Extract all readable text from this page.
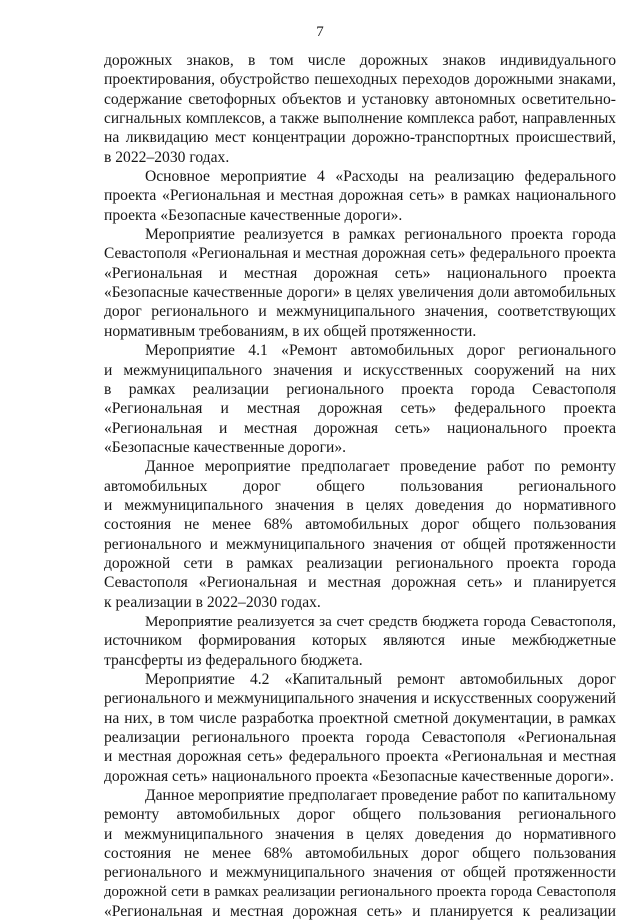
7

дорожных знаков, в том числе дорожных знаков индивидуального

проектирования, обустройство пешеходных переходов дорожными знаками,

содержание светофорных объектов и установку автономных осветительно-

сигнальных комплексов, а также выполнение комплекса работ, направленных

на ликвидацию мест концентрации дорожно-транспортных происшествий,

в 2022–2030 годах.

Основное мероприятие 4 «Расходы на реализацию федерального

проекта «Региональная и местная дорожная сеть» в рамках национального

проекта «Безопасные качественные дороги».

Мероприятие реализуется в рамках регионального проекта города

Севастополя «Региональная и местная дорожная сеть» федерального проекта

«Региональная и местная дорожная сеть» национального проекта

«Безопасные качественные дороги» в целях увеличения доли автомобильных

дорог регионального и межмуниципального значения, соответствующих

нормативным требованиям, в их общей протяженности.

Мероприятие 4.1 «Ремонт автомобильных дорог регионального

и межмуниципального значения и искусственных сооружений на них

в рамках реализации регионального проекта города Севастополя

«Региональная и местная дорожная сеть» федерального проекта

«Региональная и местная дорожная сеть» национального проекта

«Безопасные качественные дороги».

Данное мероприятие предполагает проведение работ по ремонту

автомобильных дорог общего пользования регионального

и межмуниципального значения в целях доведения до нормативного

состояния не менее 68% автомобильных дорог общего пользования

регионального и межмуниципального значения от общей протяженности

дорожной сети в рамках реализации регионального проекта города

Севастополя «Региональная и местная дорожная сеть» и планируется

к реализации в 2022–2030 годах.

Мероприятие реализуется за счет средств бюджета города Севастополя,

источником формирования которых являются иные межбюджетные

трансферты из федерального бюджета.

Мероприятие 4.2 «Капитальный ремонт автомобильных дорог

регионального и межмуниципального значения и искусственных сооружений

на них, в том числе разработка проектной сметной документации, в рамках

реализации регионального проекта города Севастополя «Региональная

и местная дорожная сеть» федерального проекта «Региональная и местная

дорожная сеть» национального проекта «Безопасные качественные дороги».

Данное мероприятие предполагает проведение работ по капитальному

ремонту автомобильных дорог общего пользования регионального

и межмуниципального значения в целях доведения до нормативного

состояния не менее 68% автомобильных дорог общего пользования

регионального и межмуниципального значения от общей протяженности

дорожной сети в рамках реализации регионального проекта города Севастополя

«Региональная и местная дорожная сеть» и планируется к реализации
